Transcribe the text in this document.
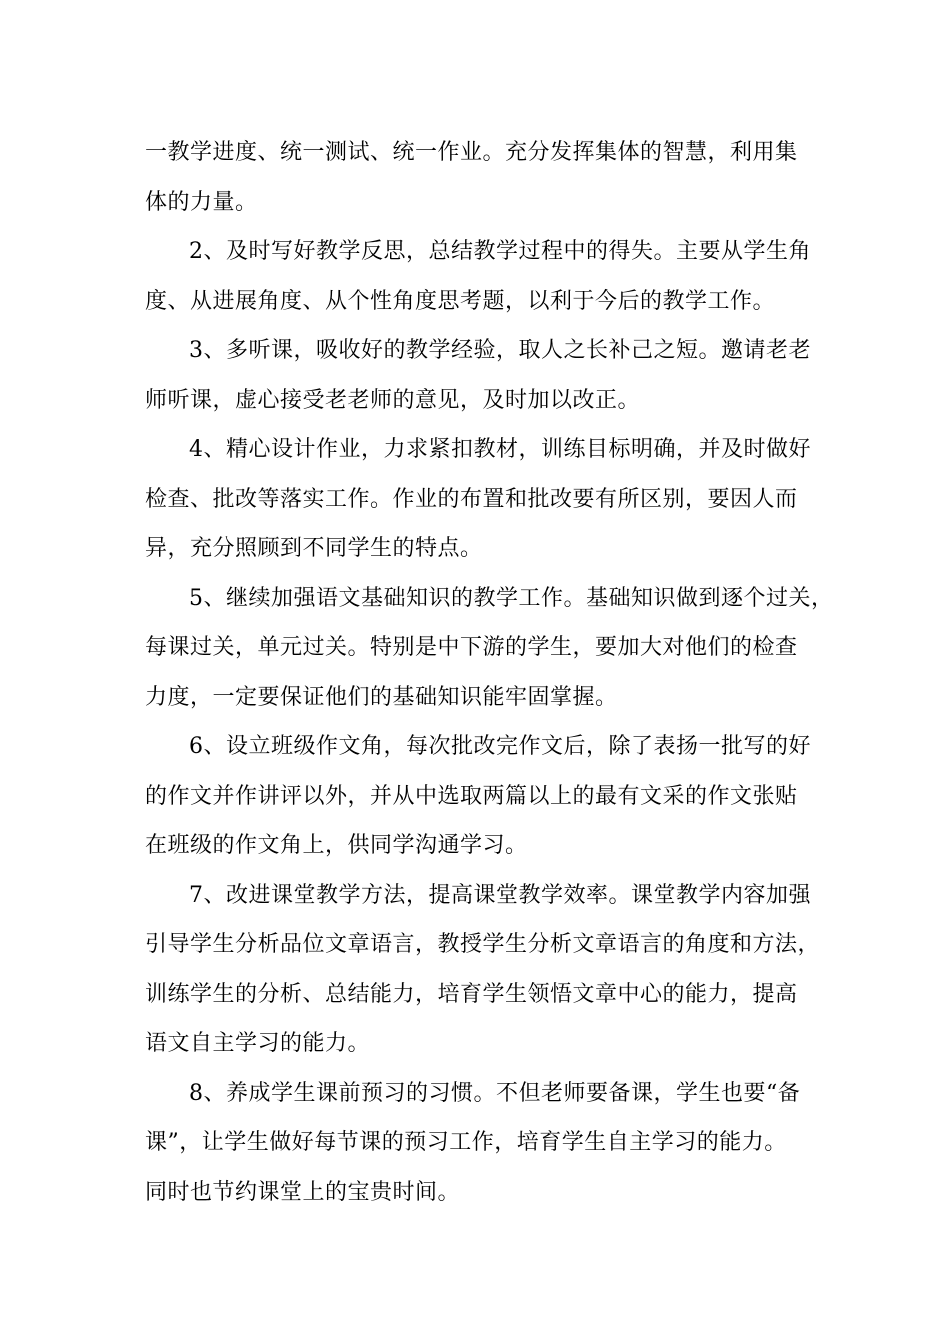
一教学进度、统一测试、统一作业。充分发挥集体的智慧，利用集
体的力量。
2、及时写好教学反思，总结教学过程中的得失。主要从学生角
度、从进展角度、从个性角度思考题，以利于今后的教学工作。
3、多听课，吸收好的教学经验，取人之长补己之短。邀请老老
师听课，虚心接受老老师的意见，及时加以改正。
4、精心设计作业，力求紧扣教材，训练目标明确，并及时做好
检查、批改等落实工作。作业的布置和批改要有所区别，要因人而
异，充分照顾到不同学生的特点。
5、继续加强语文基础知识的教学工作。基础知识做到逐个过关，
每课过关，单元过关。特别是中下游的学生，要加大对他们的检查
力度，一定要保证他们的基础知识能牢固掌握。
6、设立班级作文角，每次批改完作文后，除了表扬一批写的好
的作文并作讲评以外，并从中选取两篇以上的最有文采的作文张贴
在班级的作文角上，供同学沟通学习。
7、改进课堂教学方法，提高课堂教学效率。课堂教学内容加强
引导学生分析品位文章语言，教授学生分析文章语言的角度和方法，
训练学生的分析、总结能力，培育学生领悟文章中心的能力，提高
语文自主学习的能力。
8、养成学生课前预习的习惯。不但老师要备课，学生也要“备
课”，让学生做好每节课的预习工作，培育学生自主学习的能力。
同时也节约课堂上的宝贵时间。
